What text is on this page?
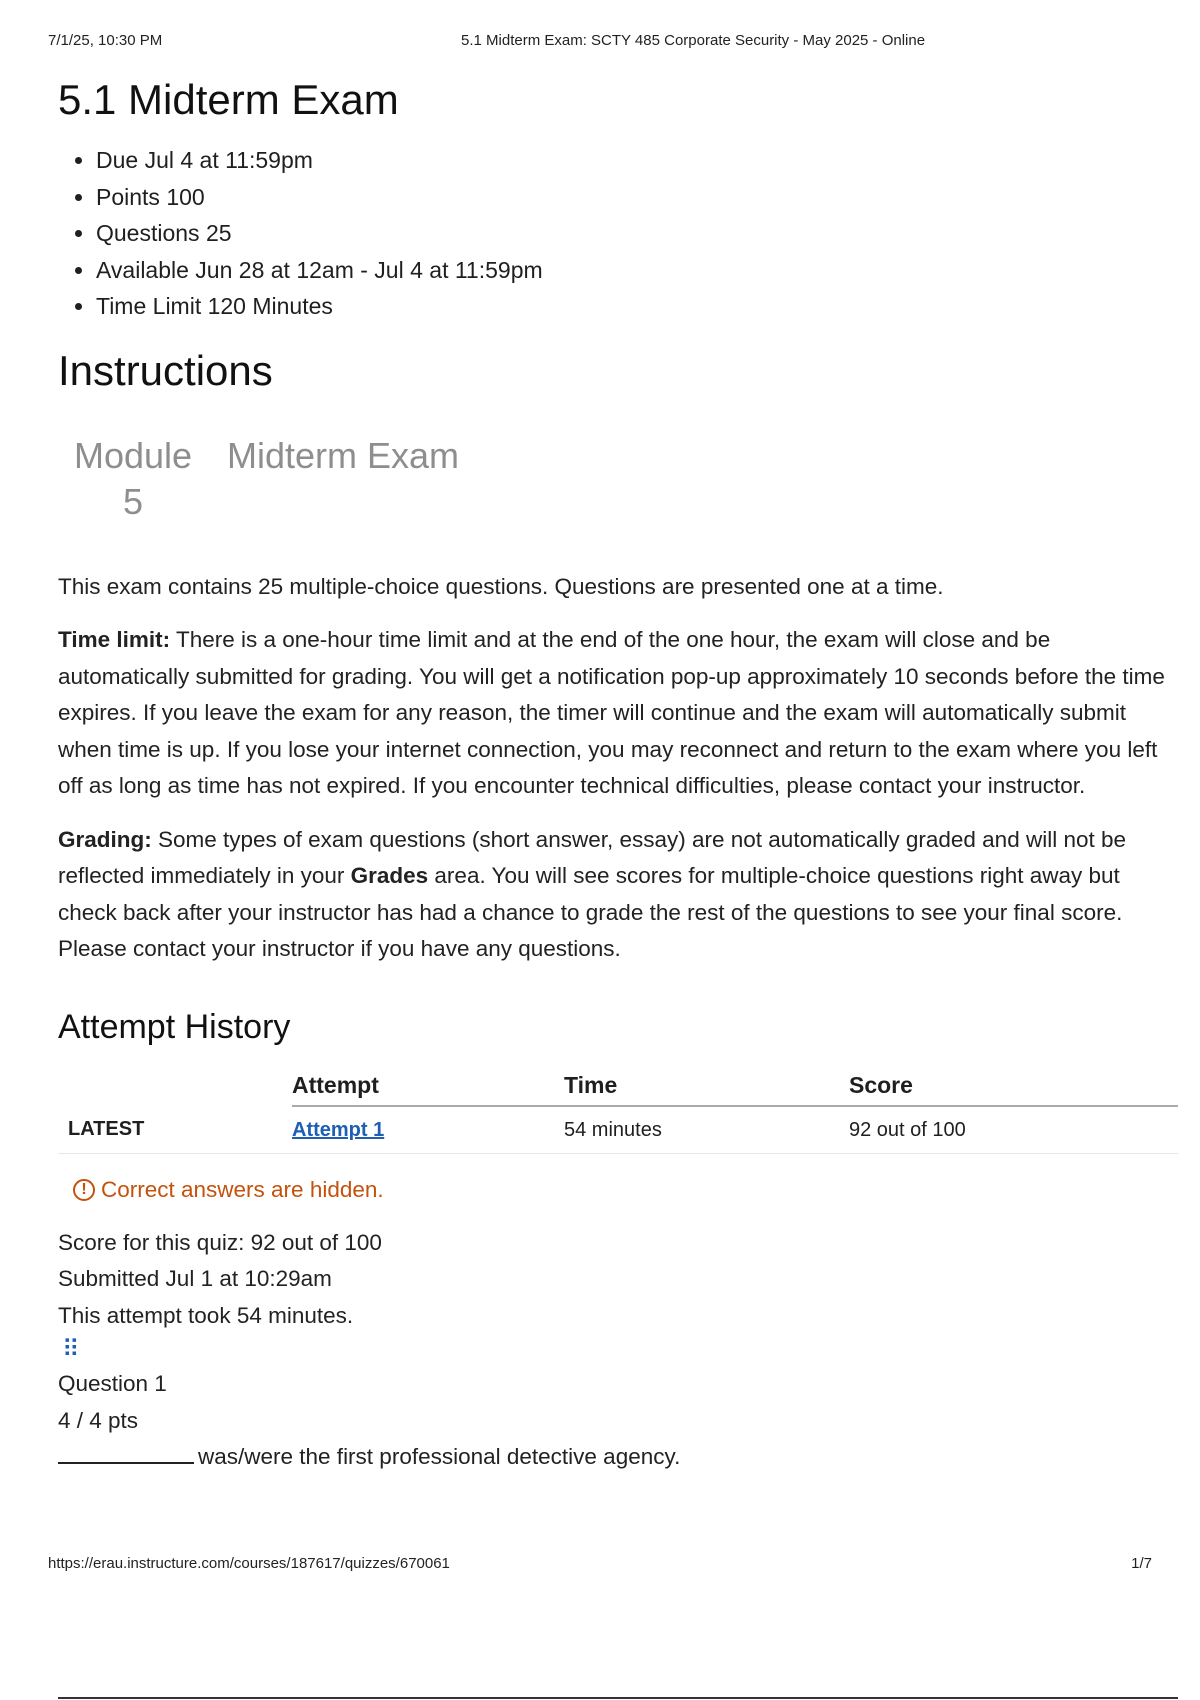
7/1/25, 10:30 PM	5.1 Midterm Exam: SCTY 485 Corporate Security - May 2025 - Online
5.1 Midterm Exam
• Due Jul 4 at 11:59pm
• Points 100
• Questions 25
• Available Jun 28 at 12am - Jul 4 at 11:59pm
• Time Limit 120 Minutes
Instructions
Module
5
Midterm Exam

This exam contains 25 multiple-choice questions. Questions are presented one at a time.

Time limit: There is a one-hour time limit and at the end of the one hour, the exam will close and be automatically submitted for grading. You will get a notification pop-up approximately 10 seconds before the time expires. If you leave the exam for any reason, the timer will continue and the exam will automatically submit when time is up. If you lose your internet connection, you may reconnect and return to the exam where you left off as long as time has not expired. If you encounter technical difficulties, please contact your instructor.

Grading: Some types of exam questions (short answer, essay) are not automatically graded and will not be reflected immediately in your Grades area. You will see scores for multiple-choice questions right away but check back after your instructor has had a chance to grade the rest of the questions to see your final score. Please contact your instructor if you have any questions.

Attempt History
	Attempt	Time	Score
LATEST	Attempt 1	54 minutes	92 out of 100
! Correct answers are hidden.
Score for this quiz: 92 out of 100
Submitted Jul 1 at 10:29am
This attempt took 54 minutes.
⠿
Question 1
4 / 4 pts
was/were the first professional detective agency.
https://erau.instructure.com/courses/187617/quizzes/670061	1/7
